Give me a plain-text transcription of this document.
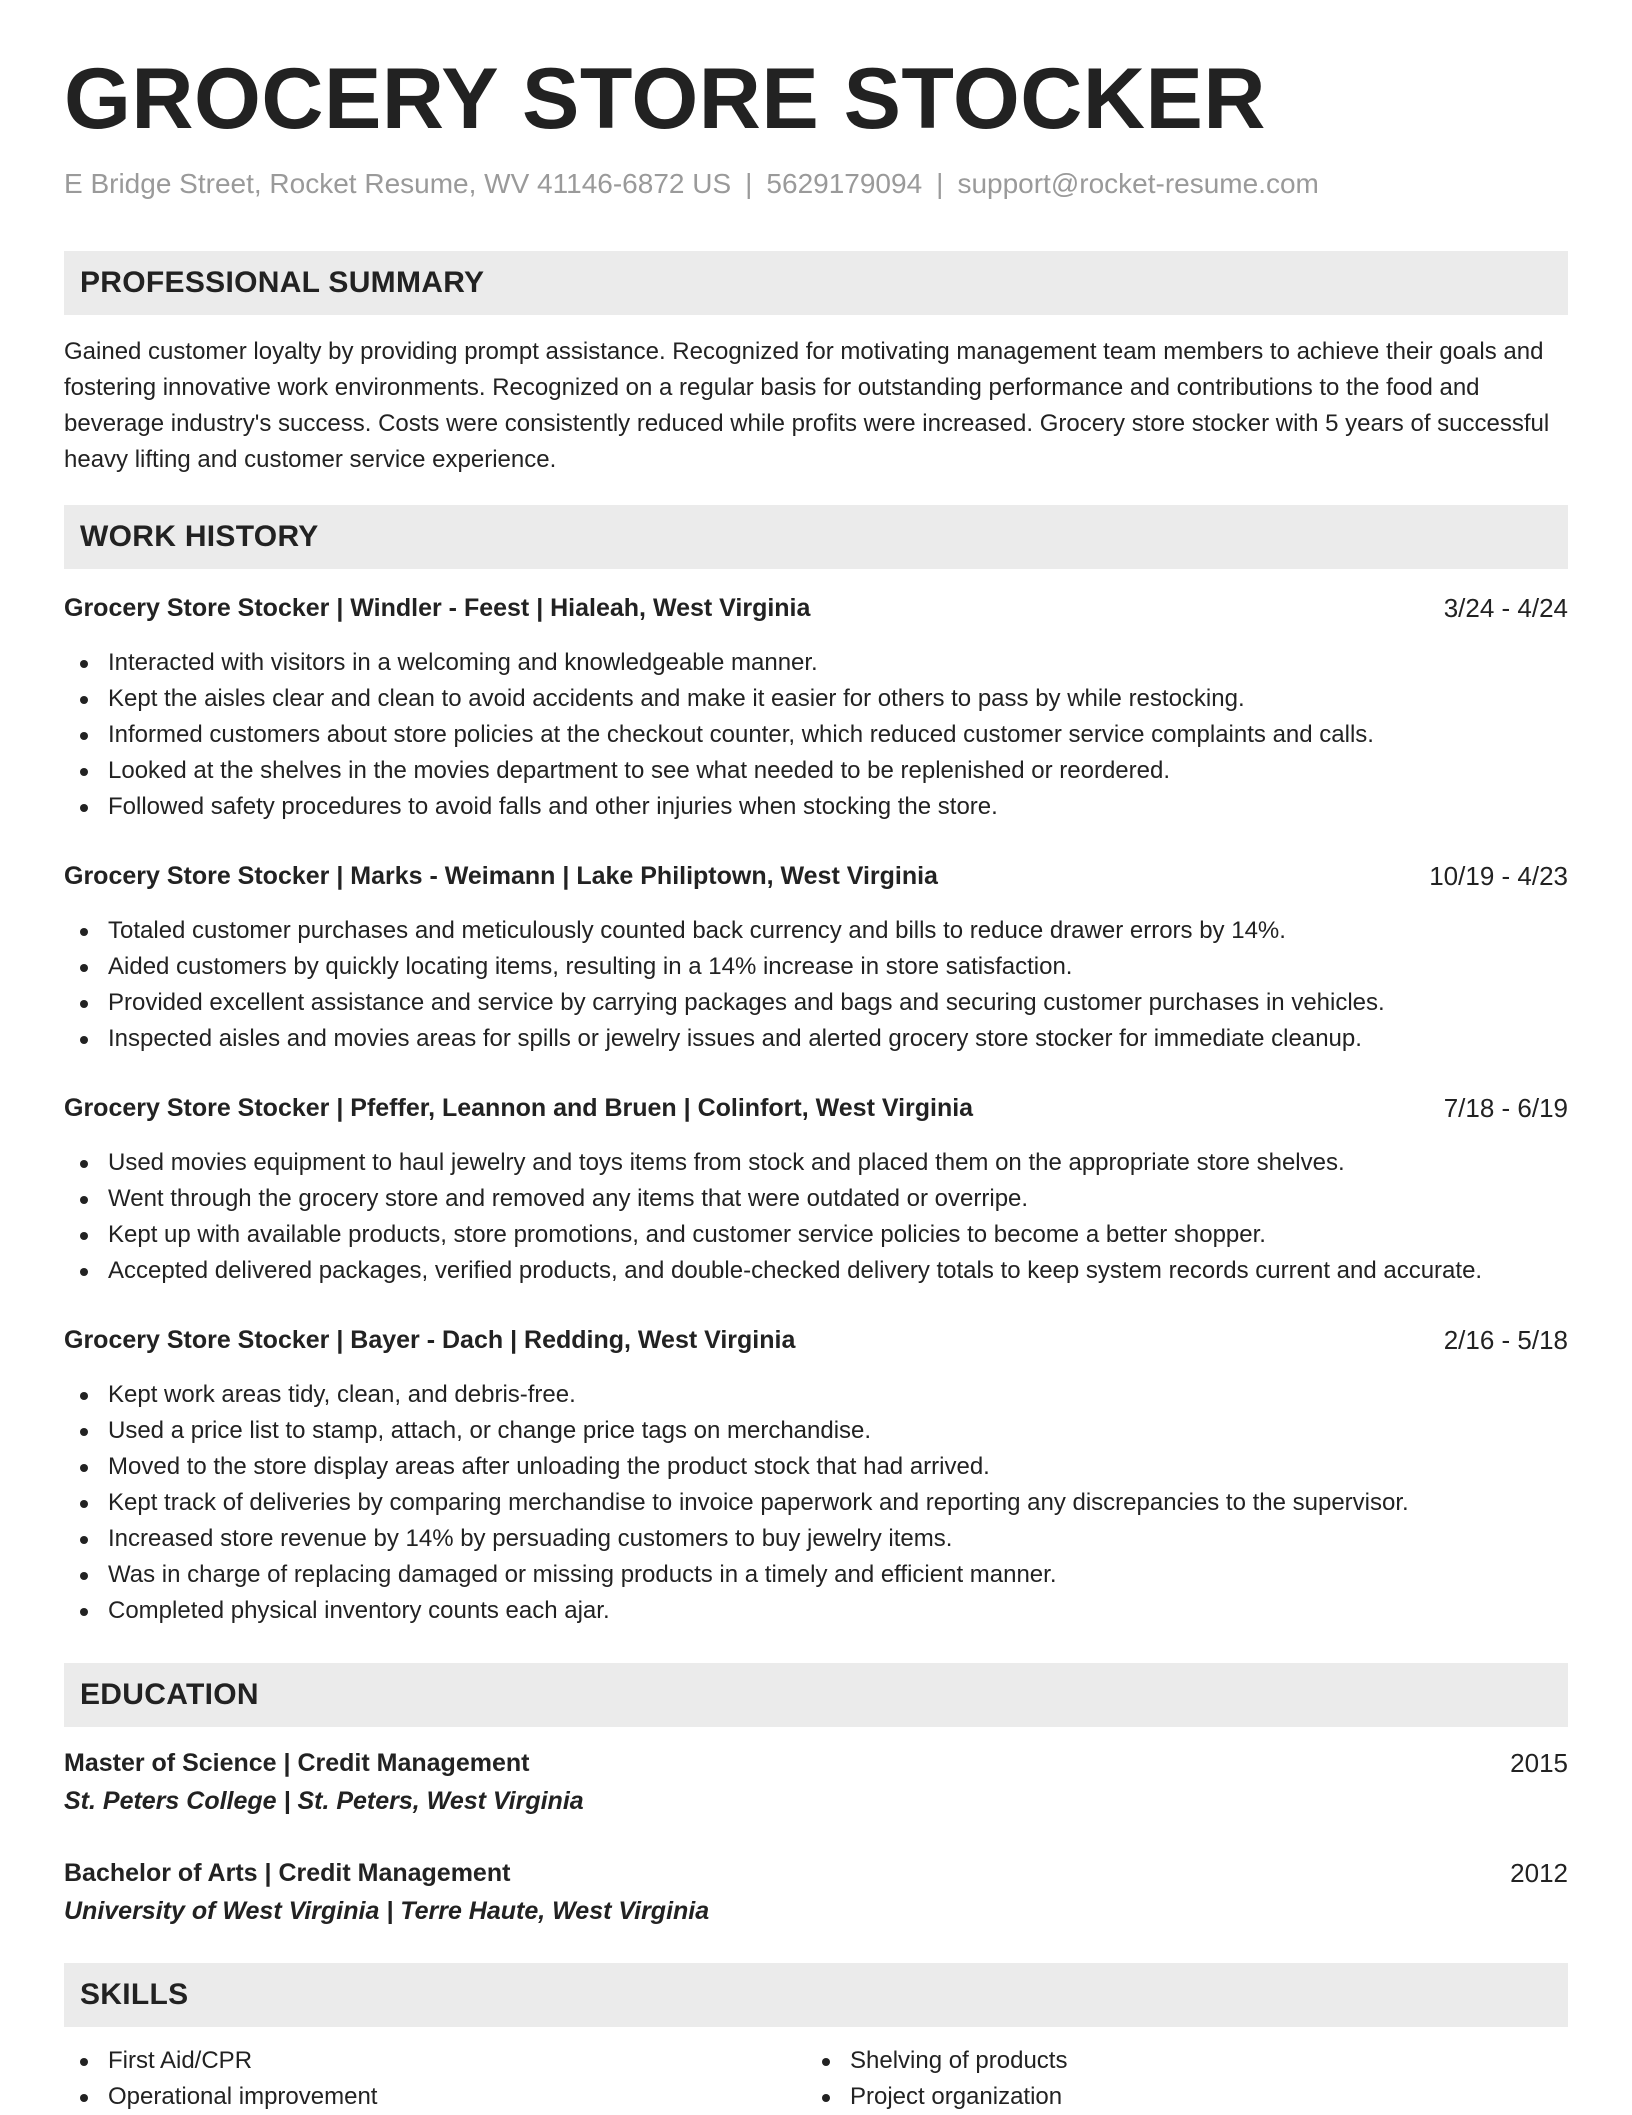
GROCERY STORE STOCKER
E Bridge Street, Rocket Resume, WV 41146-6872 US | 5629179094 | support@rocket-resume.com
PROFESSIONAL SUMMARY

Gained customer loyalty by providing prompt assistance. Recognized for motivating management team members to achieve their goals and fostering innovative work environments. Recognized on a regular basis for outstanding performance and contributions to the food and beverage industry's success. Costs were consistently reduced while profits were increased. Grocery store stocker with 5 years of successful heavy lifting and customer service experience.

WORK HISTORY
Grocery Store Stocker | Windler - Feest | Hialeah, West Virginia	3/24 - 4/24
Interacted with visitors in a welcoming and knowledgeable manner.
Kept the aisles clear and clean to avoid accidents and make it easier for others to pass by while restocking.
Informed customers about store policies at the checkout counter, which reduced customer service complaints and calls.
Looked at the shelves in the movies department to see what needed to be replenished or reordered.
Followed safety procedures to avoid falls and other injuries when stocking the store.
Grocery Store Stocker | Marks - Weimann | Lake Philiptown, West Virginia	10/19 - 4/23
Totaled customer purchases and meticulously counted back currency and bills to reduce drawer errors by 14%.
Aided customers by quickly locating items, resulting in a 14% increase in store satisfaction.
Provided excellent assistance and service by carrying packages and bags and securing customer purchases in vehicles.
Inspected aisles and movies areas for spills or jewelry issues and alerted grocery store stocker for immediate cleanup.
Grocery Store Stocker | Pfeffer, Leannon and Bruen | Colinfort, West Virginia	7/18 - 6/19
Used movies equipment to haul jewelry and toys items from stock and placed them on the appropriate store shelves.
Went through the grocery store and removed any items that were outdated or overripe.
Kept up with available products, store promotions, and customer service policies to become a better shopper.
Accepted delivered packages, verified products, and double-checked delivery totals to keep system records current and accurate.
Grocery Store Stocker | Bayer - Dach | Redding, West Virginia	2/16 - 5/18
Kept work areas tidy, clean, and debris-free.
Used a price list to stamp, attach, or change price tags on merchandise.
Moved to the store display areas after unloading the product stock that had arrived.
Kept track of deliveries by comparing merchandise to invoice paperwork and reporting any discrepancies to the supervisor.
Increased store revenue by 14% by persuading customers to buy jewelry items.
Was in charge of replacing damaged or missing products in a timely and efficient manner.
Completed physical inventory counts each ajar.
EDUCATION
Master of Science | Credit Management	2015
St. Peters College | St. Peters, West Virginia
Bachelor of Arts | Credit Management	2012
University of West Virginia | Terre Haute, West Virginia
SKILLS
First Aid/CPR
Operational improvement
Shelving of products
Project organization
